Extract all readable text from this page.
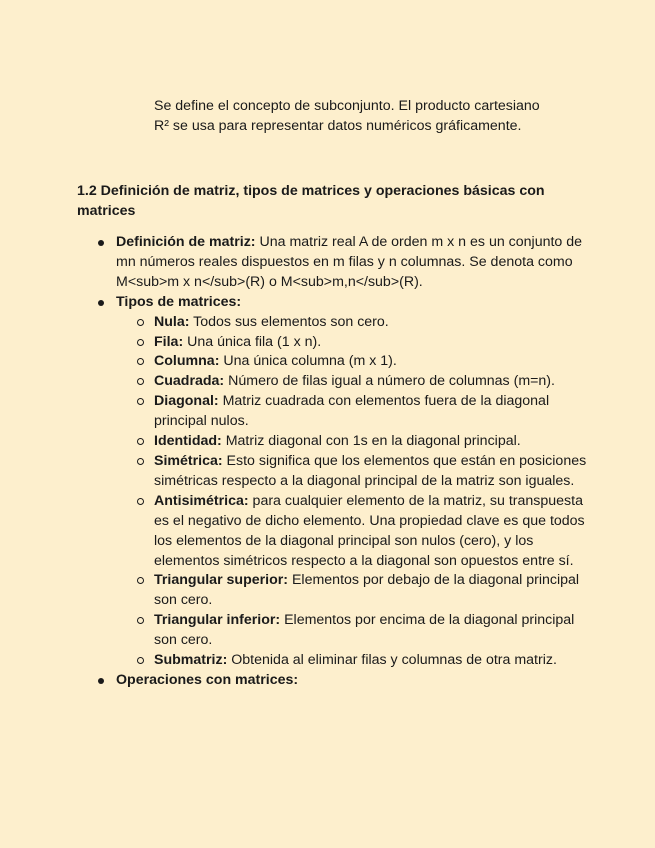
Se define el concepto de subconjunto. El producto cartesiano

R² se usa para representar datos numéricos gráficamente.

1.2 Definición de matriz, tipos de matrices y operaciones básicas con matrices
Definición de matriz: Una matriz real A de orden m x n es un conjunto de mn números reales dispuestos en m filas y n columnas. Se denota como M<sub>m x n</sub>(R) o M<sub>m,n</sub>(R).
Tipos de matrices:
Nula: Todos sus elementos son cero.
Fila: Una única fila (1 x n).
Columna: Una única columna (m x 1).
Cuadrada: Número de filas igual a número de columnas (m=n).
Diagonal: Matriz cuadrada con elementos fuera de la diagonal principal nulos.
Identidad: Matriz diagonal con 1s en la diagonal principal.
Simétrica: Esto significa que los elementos que están en posiciones simétricas respecto a la diagonal principal de la matriz son iguales.
Antisimétrica: para cualquier elemento de la matriz, su transpuesta es el negativo de dicho elemento. Una propiedad clave es que todos los elementos de la diagonal principal son nulos (cero), y los elementos simétricos respecto a la diagonal son opuestos entre sí.
Triangular superior: Elementos por debajo de la diagonal principal son cero.
Triangular inferior: Elementos por encima de la diagonal principal son cero.
Submatriz: Obtenida al eliminar filas y columnas de otra matriz.
Operaciones con matrices:
